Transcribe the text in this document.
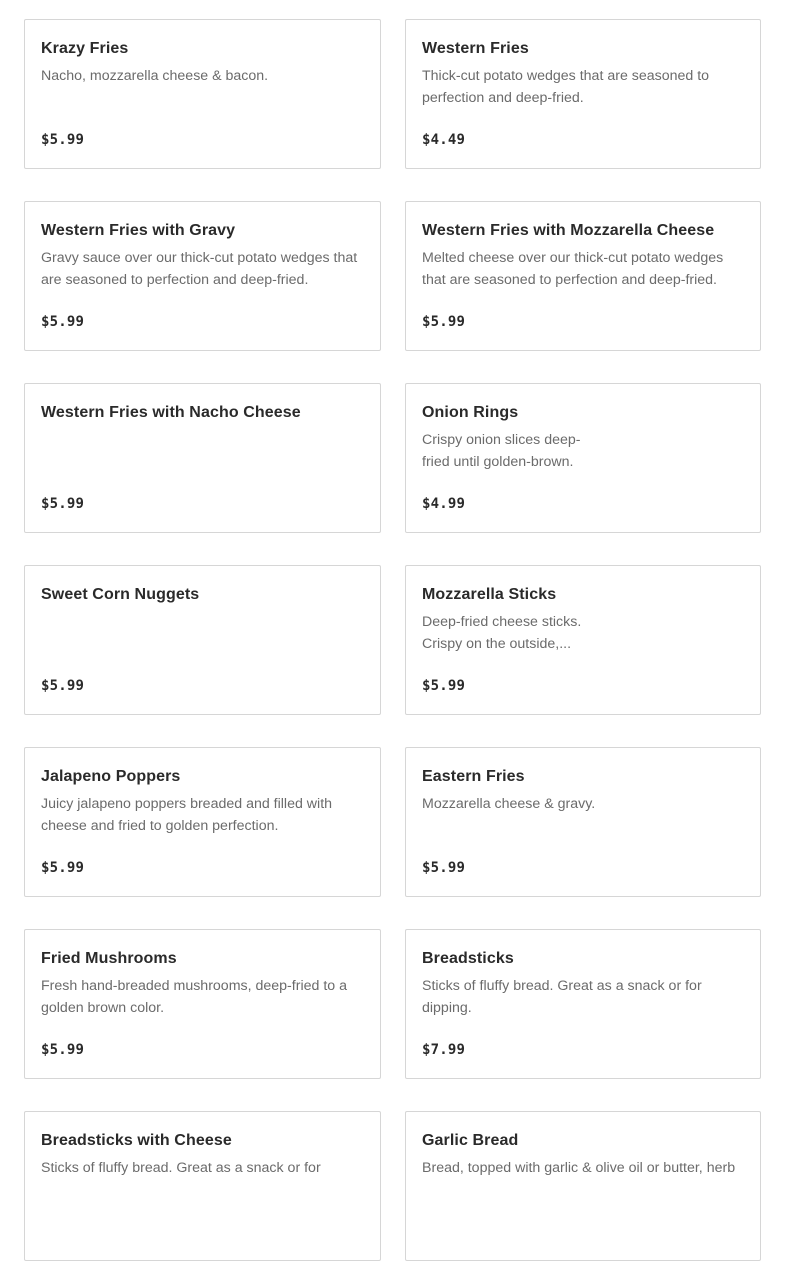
Krazy Fries
Nacho, mozzarella cheese & bacon.
$5.99
Western Fries
Thick-cut potato wedges that are seasoned to perfection and deep-fried.
$4.49
Western Fries with Gravy
Gravy sauce over our thick-cut potato wedges that are seasoned to perfection and deep-fried.
$5.99
Western Fries with Mozzarella Cheese
Melted cheese over our thick-cut potato wedges that are seasoned to perfection and deep-fried.
$5.99
Western Fries with Nacho Cheese
$5.99
Onion Rings
Crispy onion slices deep-fried until golden-brown.
$4.99
Sweet Corn Nuggets
$5.99
Mozzarella Sticks
Deep-fried cheese sticks. Crispy on the outside,...
$5.99
Jalapeno Poppers
Juicy jalapeno poppers breaded and filled with cheese and fried to golden perfection.
$5.99
Eastern Fries
Mozzarella cheese & gravy.
$5.99
Fried Mushrooms
Fresh hand-breaded mushrooms, deep-fried to a golden brown color.
$5.99
Breadsticks
Sticks of fluffy bread. Great as a snack or for dipping.
$7.99
Breadsticks with Cheese
Sticks of fluffy bread. Great as a snack or for
Garlic Bread
Bread, topped with garlic & olive oil or butter, herb
